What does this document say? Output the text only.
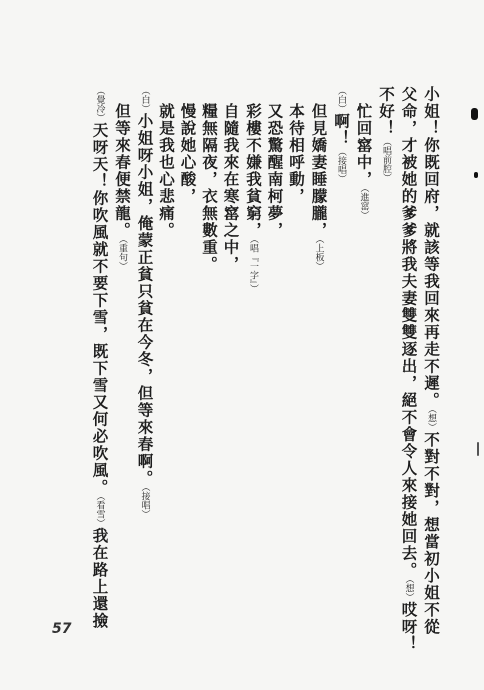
小姐！你既回府，就該等我回來再走不遲。（想）不對不對，想當初小姐不從
父命，才被她的爹爹將我夫妻雙雙逐出，絕不會令人來接她回去。（想）哎呀！
不好！（唱前腔）
　忙回窰中，（進窰）
（白）啊！（接唱）
　但見嬌妻睡朦朧，（上板）
　本待相呼動，
　又恐驚醒南柯夢，
　彩樓不嫌我貧窮，（唱『一字』）
　自隨我來在寒窰之中，
　糧無隔夜，衣無數重。
　慢說她心酸，
　就是我也心悲痛。
（白）小姐呀小姐，俺蒙正貧只貧在今冬，但等來春啊。（接唱）
　但等來春便禁龍。（重句）
（覺冷）天呀天！你吹風就不要下雪，既下雪又何必吹風。（看雪）我在路上還撿
57
